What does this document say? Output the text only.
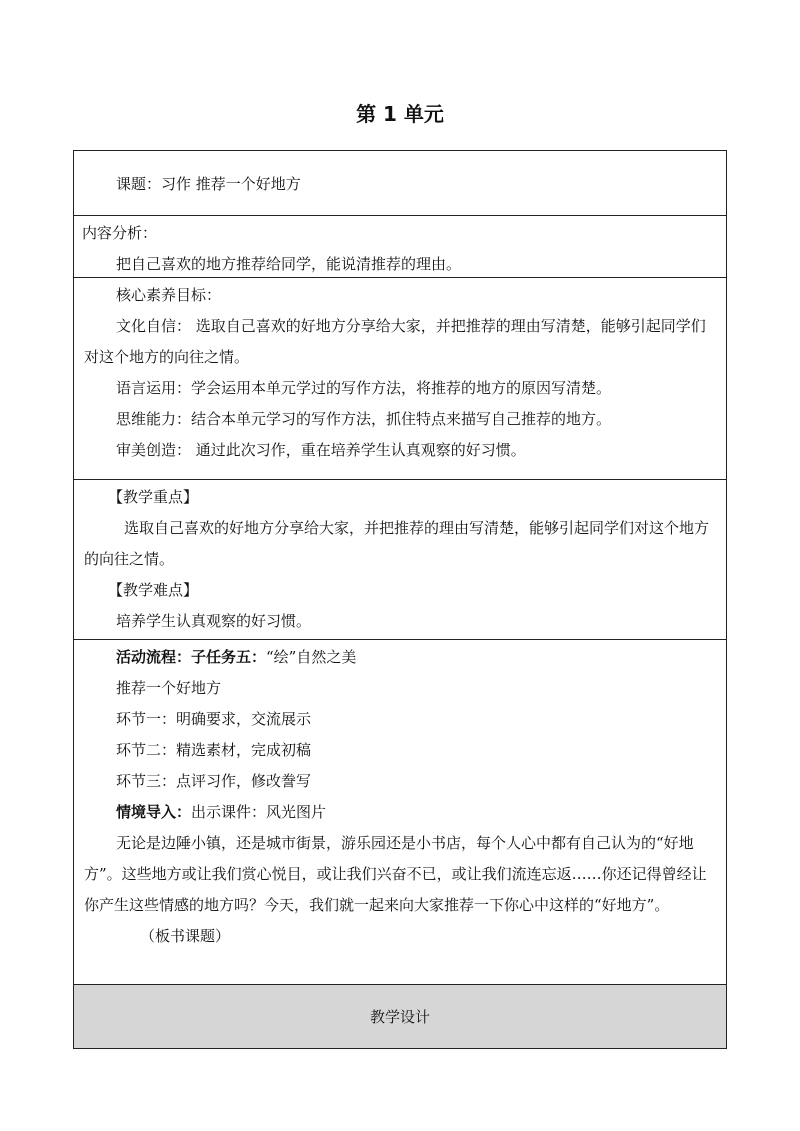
第 1 单元

课题：习作 推荐一个好地方

内容分析：

把自己喜欢的地方推荐给同学，能说清推荐的理由。

核心素养目标：

文化自信： 选取自己喜欢的好地方分享给大家，并把推荐的理由写清楚，能够引起同学们对这个地方的向往之情。

语言运用：学会运用本单元学过的写作方法，将推荐的地方的原因写清楚。

思维能力：结合本单元学习的写作方法，抓住特点来描写自己推荐的地方。

审美创造： 通过此次习作，重在培养学生认真观察的好习惯。

【教学重点】

选取自己喜欢的好地方分享给大家，并把推荐的理由写清楚，能够引起同学们对这个地方的向往之情。

【教学难点】

培养学生认真观察的好习惯。

活动流程：子任务五：“绘”自然之美

推荐一个好地方

环节一：明确要求，交流展示

环节二：精选素材，完成初稿

环节三：点评习作，修改誊写

情境导入：出示课件：风光图片

无论是边陲小镇，还是城市街景，游乐园还是小书店，每个人心中都有自己认为的“好地方”。这些地方或让我们赏心悦目，或让我们兴奋不已，或让我们流连忘返……你还记得曾经让你产生这些情感的地方吗？今天，我们就一起来向大家推荐一下你心中这样的“好地方”。

（板书课题）

教学设计
